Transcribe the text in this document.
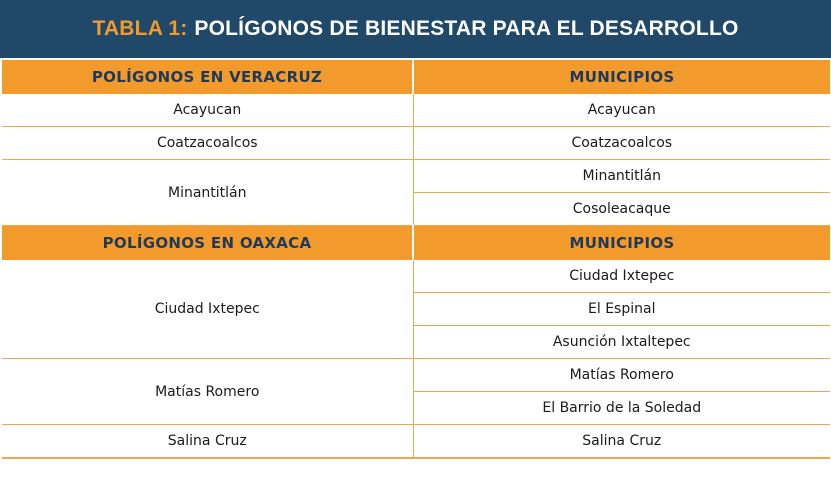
TABLA 1: POLÍGONOS DE BIENESTAR PARA EL DESARROLLO
POLÍGONOS EN VERACRUZ	MUNICIPIOS
Acayucan	Acayucan
Coatzacoalcos	Coatzacoalcos
Minantitlán	Minantitlán
	Cosoleacaque
POLÍGONOS EN OAXACA	MUNICIPIOS
Ciudad Ixtepec	Ciudad Ixtepec
	El Espinal
	Asunción Ixtaltepec
Matías Romero	Matías Romero
	El Barrio de la Soledad
Salina Cruz	Salina Cruz
